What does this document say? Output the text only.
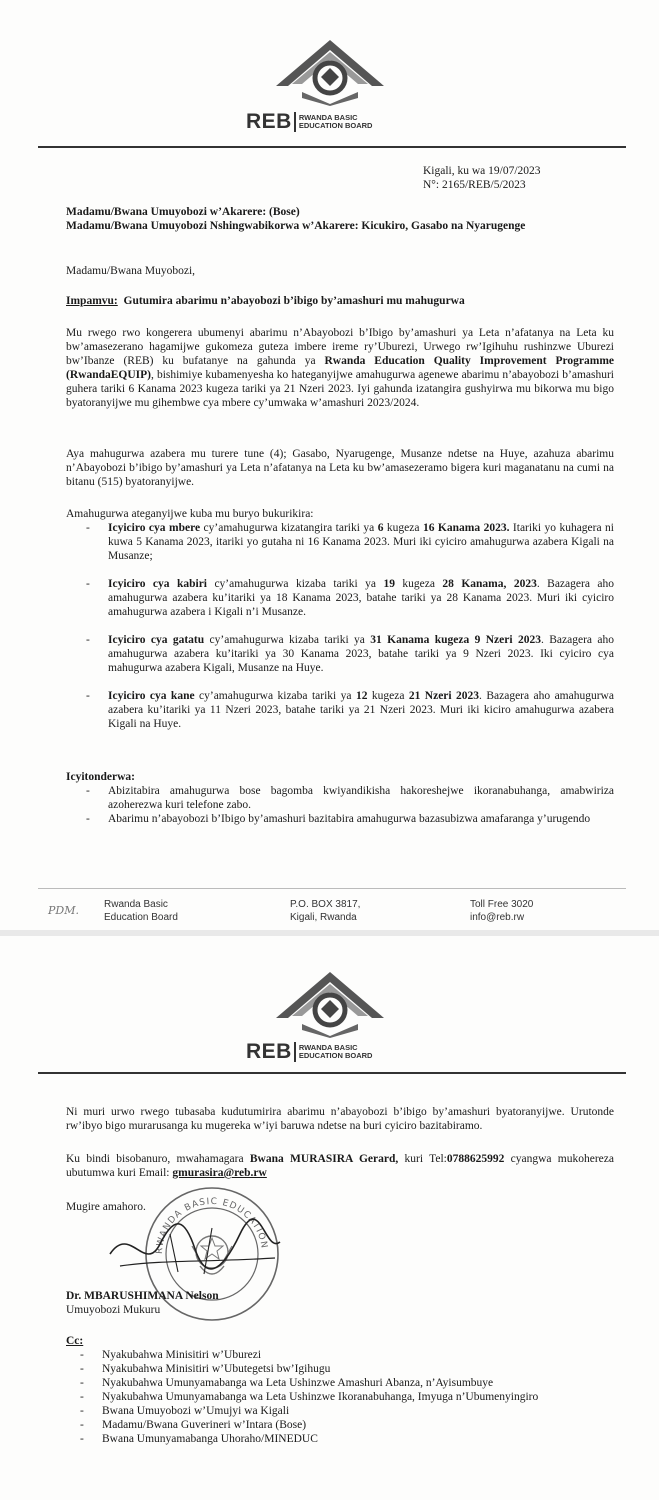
REB RWANDA BASIC
EDUCATION BOARD

Kigali, ku wa 19/07/2023

N°: 2165/REB/5/2023

Madamu/Bwana Umuyobozi w’Akarere: (Bose)

Madamu/Bwana Umuyobozi Nshingwabikorwa w’Akarere: Kicukiro, Gasabo na Nyarugenge

Madamu/Bwana Muyobozi,

Impamvu: Gutumira abarimu n’abayobozi b’ibigo by’amashuri mu mahugurwa

Mu rwego rwo kongerera ubumenyi abarimu n’Abayobozi b’Ibigo by’amashuri ya Leta n’afatanya na Leta ku bw’amasezerano hagamijwe gukomeza guteza imbere ireme ry’Uburezi, Urwego rw’Igihuhu rushinzwe Uburezi bw’Ibanze (REB) ku bufatanye na gahunda ya Rwanda Education Quality Improvement Programme (RwandaEQUIP), bishimiye kubamenyesha ko hateganyijwe amahugurwa agenewe abarimu n’abayobozi b’amashuri guhera tariki 6 Kanama 2023 kugeza tariki ya 21 Nzeri 2023. Iyi gahunda izatangira gushyirwa mu bikorwa mu bigo byatoranyijwe mu gihembwe cya mbere cy’umwaka w’amashuri 2023/2024.

Aya mahugurwa azabera mu turere tune (4); Gasabo, Nyarugenge, Musanze ndetse na Huye, azahuza abarimu n’Abayobozi b’ibigo by’amashuri ya Leta n’afatanya na Leta ku bw’amasezeramo bigera kuri maganatanu na cumi na bitanu (515) byatoranyijwe.

Amahugurwa ateganyijwe kuba mu buryo bukurikira:

- Icyiciro cya mbere cy’amahugurwa kizatangira tariki ya 6 kugeza 16 Kanama 2023. Itariki yo kuhagera ni kuwa 5 Kanama 2023, itariki yo gutaha ni 16 Kanama 2023. Muri iki cyiciro amahugurwa azabera Kigali na Musanze;
- Icyiciro cya kabiri cy’amahugurwa kizaba tariki ya 19 kugeza 28 Kanama, 2023. Bazagera aho amahugurwa azabera ku’itariki ya 18 Kanama 2023, batahe tariki ya 28 Kanama 2023. Muri iki cyiciro amahugurwa azabera i Kigali n’i Musanze.
- Icyiciro cya gatatu cy’amahugurwa kizaba tariki ya 31 Kanama kugeza 9 Nzeri 2023. Bazagera aho amahugurwa azabera ku’itariki ya 30 Kanama 2023, batahe tariki ya 9 Nzeri 2023. Iki cyiciro cya mahugurwa azabera Kigali, Musanze na Huye.
- Icyiciro cya kane cy’amahugurwa kizaba tariki ya 12 kugeza 21 Nzeri 2023. Bazagera aho amahugurwa azabera ku’itariki ya 11 Nzeri 2023, batahe tariki ya 21 Nzeri 2023. Muri iki kiciro amahugurwa azabera Kigali na Huye.

Icyitonderwa:

- Abizitabira amahugurwa bose bagomba kwiyandikisha hakoreshejwe ikoranabuhanga, amabwiriza azoherezwa kuri telefone zabo.
- Abarimu n’abayobozi b’Ibigo by’amashuri bazitabira amahugurwa bazasubizwa amafaranga y’urugendo
PDM.	Rwanda Basic
Education Board
P.O. BOX 3817,
Kigali, Rwanda
Toll Free 3020
info@reb.rw
REB RWANDA BASIC
EDUCATION BOARD

Ni muri urwo rwego tubasaba kudutumirira abarimu n’abayobozi b’ibigo by’amashuri byatoranyijwe. Urutonde rw’ibyo bigo murarusanga ku mugereka w’iyi baruwa ndetse na buri cyiciro bazitabiramo.

Ku bindi bisobanuro, mwahamagara Bwana MURASIRA Gerard, kuri Tel:0788625992 cyangwa mukohereza ubutumwa kuri Email: gmurasira@reb.rw

Mugire amahoro.

RWANDA BASIC EDUCATION

Dr. MBARUSHIMANA Nelson

Umuyobozi Mukuru

Cc:

- Nyakubahwa Minisitiri w’Uburezi
- Nyakubahwa Minisitiri w’Ubutegetsi bw’Igihugu
- Nyakubahwa Umunyamabanga wa Leta Ushinzwe Amashuri Abanza, n’Ayisumbuye
- Nyakubahwa Umunyamabanga wa Leta Ushinzwe Ikoranabuhanga, Imyuga n’Ubumenyingiro
- Bwana Umuyobozi w’Umujyi wa Kigali
- Madamu/Bwana Guverineri w’Intara (Bose)
- Bwana Umunyamabanga Uhoraho/MINEDUC
